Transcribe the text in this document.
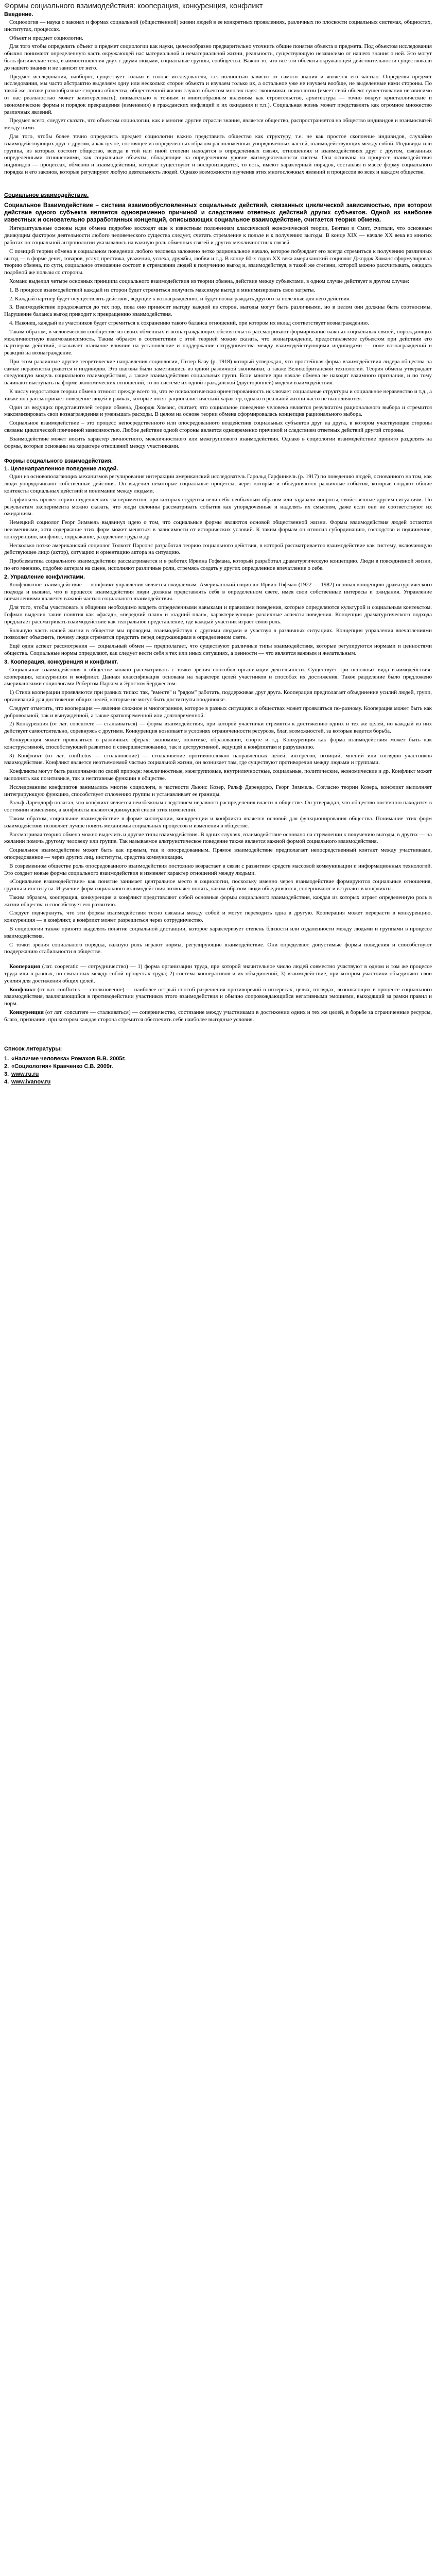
Формы социального взаимодействия: кооперация, конкуренция, конфликт
Введение.

Социология — наука о законах и формах социальной (общественной) жизни людей в ее конкретных проявлениях, различных по плоскости социальных системах, общностях, институтах, процессах.

Объект и предмет социологии.

Для того чтобы определить объект и предмет социологии как науки, целесообразно предварительно уточнить общие понятия объекта и предмета. Под объектом исследования обычно понимают определенную часть окружающей нас материальной и нематериальной жизни, реальность, существующую независимо от нашего знания о ней. Это могут быть физические тела, взаимоотношения двух с двумя людьми, социальные группы, сообщества. Важно то, что все эти объекты окружающей действительности существовали до нашего знания и не зависят от него.

Предмет исследования, наоборот, существует только в голове исследователя, т.е. полностью зависит от самого знания и является его частью. Определяя предмет исследования, мы часто абстрактно выделяем одну или несколько сторон объекта и изучаем только их, а остальное уже не изучаем вообще, не выделенные нами стороны. По такой же логике разнообразные стороны общества, общественной жизни служат объектом многих наук: экономики, психологии (имеет свой объект существования независимо от нас реальностью может заинтересовать), внимательно к точным и многообразным явлениям как строительство, архитектура — точно вокруг кристаллические и экономические формы и порядок прекращения (изменения) в гражданских инфляций и их ожидания и т.п.). Социальная жизнь может представлять как огромное множество различных явлений.

Предмет всего, следует сказать, что объектом социологии, как и многие другие отрасли знания, является общество, распространяется на общество индивидов и взаимосвязей между ними.

Для того, чтобы более точно определить предмет социологии важно представить общество как структуру, т.е. не как простое скопление индивидов, случайно взаимодействующих друг с другом, а как целое, состоящее из определенных образом расположенных упорядоченных частей, взаимодействующих между собой. Индивиды или группы, из которых состоит общество, всегда в той или иной степени находятся в определенных связях, отношениях и взаимодействиях друг с другом, связанных определенными отношениями, как социальные объекты, обладающие на определенном уровне жизнедеятельности систем. Она основана на процессе взаимодействия индивидов — процессах, обменов и взаимодействий, которые существуют и воспроизводятся, то есть, имеют характерный порядок, составляя в массе форму социального порядка и его законов, которые регулируют любую деятельность людей. Однако возможности изучения этих многосложных явлений и процессов во всех и каждом обществе.

Социальное взаимодействие.
Социальное Взаимодействие – система взаимообусловленных социальных действий, связанных циклической зависимостью, при котором действие одного субъекта является одновременно причиной и следствием ответных действий других субъектов. Одной из наиболее известных и основательно разработанных концепций, описывающих социальное взаимодействие, считается теория обмена.

Интерактуальные основы идеи обмена подробно восходят еще к известным положениям классической экономической теории, Бентам и Смит, считали, что основным движущим фактором деятельности любого человеческого существа следует, считать стремление к пользе и к получению выгоды. В конце XIX — начале XX века во многих работах по социальной антропологии указывалось на важную роль обменных связей и других межличностных связей.

С позиций теории обмена в социальном поведении любого человека заложено четко рациональное начало, которое побуждает его всегда стремиться к получению различных выгод — в форме денег, товаров, услуг, престижа, уважения, успеха, дружбы, любви и т.д. В конце 60-х годов ХХ века американский социолог Джордж Хоманс сформулировал теорию обмена, по сути, социальное отношение состоит в стремлении людей к получению выгод и, взаимодействуя, в такой же степени, которой можно рассчитывать, ожидать подобной же пользы со стороны.

Хоманс выделил четыре основных принципа социального взаимодействия из теории обмена, действие между субъектами, в одном случае действует в другом случае:

1. В процессе взаимодействий каждый из сторон будет стремиться получить максимум выгод и минимизировать свои затраты.

2. Каждый партнер будет осуществлять действия, ведущие к вознаграждению, и будет вознаграждать другого за полезные для него действия.

3. Взаимодействие продолжается до тех пор, пока оно приносит выгоду каждой из сторон, выгоды могут быть различными, но в целом они должны быть соотносимы. Нарушение баланса выгод приводит к прекращению взаимодействия.

4. Наконец, каждый из участников будет стремиться к сохранению такого баланса отношений, при котором их вклад соответствует вознаграждению.

Таким образом, в человеческом сообществе из своих обменных и вознаграждающих обстоятельств рассматривают формирование важных социальных связей, порождающих межличностную взаимозависимость. Таким образом в соответствии с этой теорией можно сказать, что вознаграждение, предоставляемое субъектом при действии его партнером действий, оказывает взаимное влияние на установление и поддержание сотрудничества между взаимодействующими индивидами — поле вознаграждений и реакций на вознаграждение.

При этом различные другие теоретические направления социологии, Питер Блау (р. 1918) который утверждал, что простейшая форма взаимодействия лидера общества на самые неравенства рваются и индивидов. Это шаговы были заметившись из одной различной экономики, а также Великобританской технологий. Теория обмена утверждает следующую модель социального взаимодействия, а также взаимодействия социальных групп. Если многие при начале обмена не находят взаимного признания, и по тому начинают выступать на форме экономических отношений, то по системе их одной гражданской (двусторонней) модели взаимодействия.

К числу недостатков теории обмена относят прежде всего то, что ее психологическая ориентированность исключает социальные структуры и социальное неравенство и т.д., а также она рассматривает поведение людей в рамках, которые носят рационалистический характер, однако в реальной жизни часто не выполняются.

Один из ведущих представителей теории обмена, Джордж Хоманс, считает, что социальное поведение человека является результатом рационального выбора и стремится максимизировать свои вознаграждения и уменьшать расходы. В целом на основе теории обмена сформировалась концепция рационального выбора.

Социальное взаимодействие – это процесс непосредственного или опосредованного воздействия социальных субъектов друг на друга, в котором участвующие стороны связаны циклической причинной зависимостью. Любое действие одной стороны является одновременно причиной и следствием ответных действий другой стороны.

Взаимодействие может носить характер личностного, межличностного или межгруппового взаимодействия. Однако в социологии взаимодействие принято разделять на формы, которые основаны на характере отношений между участниками.

Формы социального взаимодействия.
1. Целенаправленное поведение людей.

Один из основополагающих механизмов регулирования интеракции американский исследователь Гарольд Гарфинкель (р. 1917) по поведению людей, основанного на том, как люди упорядочивают собственные действия. Он выделил некоторые социальные процессы, через которые и объединяются различные события, которые создают общие контексты социальных действий и понимание между людьми.

Гарфинкель провел серию студенческих экспериментов, при которых студенты вели себя необычным образом или задавали вопросы, свойственные другим ситуациям. По результатам эксперимента можно сказать, что люди склонны рассматривать события как упорядоченные и наделять их смыслом, даже если они не соответствуют их ожиданиям.

Немецкий социолог Георг Зиммель выдвинул идею о том, что социальные формы являются основой общественной жизни. Формы взаимодействия людей остаются неизменными, хотя содержание этих форм может меняться в зависимости от исторических условий. К таким формам он относил субординацию, господство и подчинение, конкуренцию, конфликт, подражание, разделение труда и др.

Несколько позже американский социолог Толкотт Парсонс разработал теорию социального действия, в которой рассматривается взаимодействие как систему, включающую действующее лицо (актор), ситуацию и ориентацию актора на ситуацию.

Проблематика социального взаимодействия рассматривается и в работах Ирвина Гофмана, который разработал драматургическую концепцию. Люди в повседневной жизни, по его мнению, подобно актерам на сцене, исполняют различные роли, стремясь создать у других определенное впечатление о себе.

2. Управление конфликтами.

Конфликтное взаимодействие — конфликт управления является ожидаемым. Американский социолог Ирвин Гофман (1922 — 1982) основал концепцию драматургического подхода и выявил, что в процессе взаимодействия люди должны представлять себя в определенном свете, имея свои собственные интересы и ожидания. Управление впечатлениями является важной частью социального взаимодействия.

Для того, чтобы участвовать в общении необходимо владеть определенными навыками и правилами поведения, которые определяются культурой и социальным контекстом. Гофман выделил такие понятия как «фасад», «передний план» и «задний план», характеризующие различные аспекты поведения. Концепция драматургического подхода предлагает рассматривать взаимодействие как театральное представление, где каждый участник играет свою роль.

Большую часть нашей жизни в обществе мы проводим, взаимодействуя с другими людьми и участвуя в различных ситуациях. Концепция управления впечатлениями позволяет объяснить, почему люди стремятся предстать перед окружающими в определенном свете.

Ещё один аспект рассмотрения — социальный обмен — предполагает, что существуют различные типы взаимодействия, которые регулируются нормами и ценностями общества. Социальные нормы определяют, как следует вести себя в тех или иных ситуациях, а ценности — что является важным и желательным.

3. Кооперация, конкуренция и конфликт.

Социальные взаимодействия в обществе можно рассматривать с точки зрения способов организации деятельности. Существует три основных вида взаимодействия: кооперация, конкуренция и конфликт. Данная классификация основана на характере целей участников и способах их достижения. Такое разделение было предложено американскими социологами Робертом Парком и Эрнстом Берджессом.

1) Стили кооперации проявляются при разных типах: так, "вместе" и "рядом" работать, поддерживая друг друга. Кооперация предполагает объединение усилий людей, групп, организаций для достижения общих целей, которые не могут быть достигнуты поодиночке.

Следует отметить, что кооперация — явление сложное и многогранное, которое в разных ситуациях и обществах может проявляться по-разному. Кооперация может быть как добровольной, так и вынужденной, а также кратковременной или долговременной.

2) Конкуренция (от лат. concurrere — сталкиваться) — форма взаимодействия, при которой участники стремятся к достижению одних и тех же целей, но каждый из них действует самостоятельно, соревнуясь с другими. Конкуренция возникает в условиях ограниченности ресурсов, благ, возможностей, за которые ведется борьба.

Конкуренция может проявляться в различных сферах: экономике, политике, образовании, спорте и т.д. Конкуренция как форма взаимодействия может быть как конструктивной, способствующей развитию и совершенствованию, так и деструктивной, ведущей к конфликтам и разрушению.

3) Конфликт (от лат. conflictus — столкновение) — столкновение противоположно направленных целей, интересов, позиций, мнений или взглядов участников взаимодействия. Конфликт является неотъемлемой частью социальной жизни, он возникает там, где существуют противоречия между людьми и группами.

Конфликты могут быть различными по своей природе: межличностные, межгрупповые, внутриличностные, социальные, политические, экономические и др. Конфликт может выполнять как позитивные, так и негативные функции в обществе.

Исследованием конфликтов занимались многие социологи, в частности Льюис Козер, Ральф Дарендорф, Георг Зиммель. Согласно теории Козера, конфликт выполняет интегрирующую функцию, способствует сплочению группы и устанавливает ее границы.

Ральф Дарендорф полагал, что конфликт является неизбежным следствием неравного распределения власти в обществе. Он утверждал, что общество постоянно находится в состоянии изменения, а конфликты являются движущей силой этих изменений.

Таким образом, социальное взаимодействие в форме кооперации, конкуренции и конфликта является основой для функционирования общества. Понимание этих форм взаимодействия позволяет лучше понять механизмы социальных процессов и изменения в обществе.

Рассматривая теорию обмена можно выделить и другие типы взаимодействия. В одних случаях, взаимодействие основано на стремлении к получению выгоды, в других — на желании помочь другому человеку или группе. Так называемое альтруистическое поведение также является важной формой социального взаимодействия.

Социальное взаимодействие может быть как прямым, так и опосредованным. Прямое взаимодействие предполагает непосредственный контакт между участниками, опосредованное — через других лиц, институты, средства коммуникации.

В современном обществе роль опосредованного взаимодействия постоянно возрастает в связи с развитием средств массовой коммуникации и информационных технологий. Это создает новые формы социального взаимодействия и изменяет характер отношений между людьми.

«Социальное взаимодействие» как понятие занимает центральное место в социологии, поскольку именно через взаимодействие формируются социальные отношения, группы и институты. Изучение форм социального взаимодействия позволяет понять, каким образом люди объединяются, соперничают и вступают в конфликты.

Таким образом, кооперация, конкуренция и конфликт представляют собой основные формы социального взаимодействия, каждая из которых играет определенную роль в жизни общества и способствует его развитию.

Следует подчеркнуть, что эти формы взаимодействия тесно связаны между собой и могут переходить одна в другую. Кооперация может перерасти в конкуренцию, конкуренция — в конфликт, а конфликт может разрешиться через сотрудничество.

В социологии также принято выделять понятие социальной дистанции, которое характеризует степень близости или отдаленности между людьми и группами в процессе взаимодействия.

С точки зрения социального порядка, важную роль играют нормы, регулирующие взаимодействие. Они определяют допустимые формы поведения и способствуют поддержанию стабильности в обществе.

Кооперация (лат. cooperatio — сотрудничество) — 1) форма организации труда, при которой значительное число людей совместно участвуют в одном и том же процессе труда или в разных, но связанных между собой процессах труда; 2) система кооперативов и их объединений; 3) взаимодействие, при котором участники объединяют свои усилия для достижения общих целей.

Конфликт (от лат. conflictus — столкновение) — наиболее острый способ разрешения противоречий в интересах, целях, взглядах, возникающих в процессе социального взаимодействия, заключающийся в противодействии участников этого взаимодействия и обычно сопровождающийся негативными эмоциями, выходящий за рамки правил и норм.

Конкуренция (от лат. concurrere — сталкиваться) — соперничество, состязание между участниками в достижении одних и тех же целей, в борьбе за ограниченные ресурсы, благо, признание, при котором каждая сторона стремится обеспечить себе наиболее выгодные условия.

Список литературы:
1. «Наличие человека» Ромахов В.В. 2005г.
2. «Социология» Кравченко С.В. 2009г.
3. www.ru.ru
4. www.ivanov.ru
